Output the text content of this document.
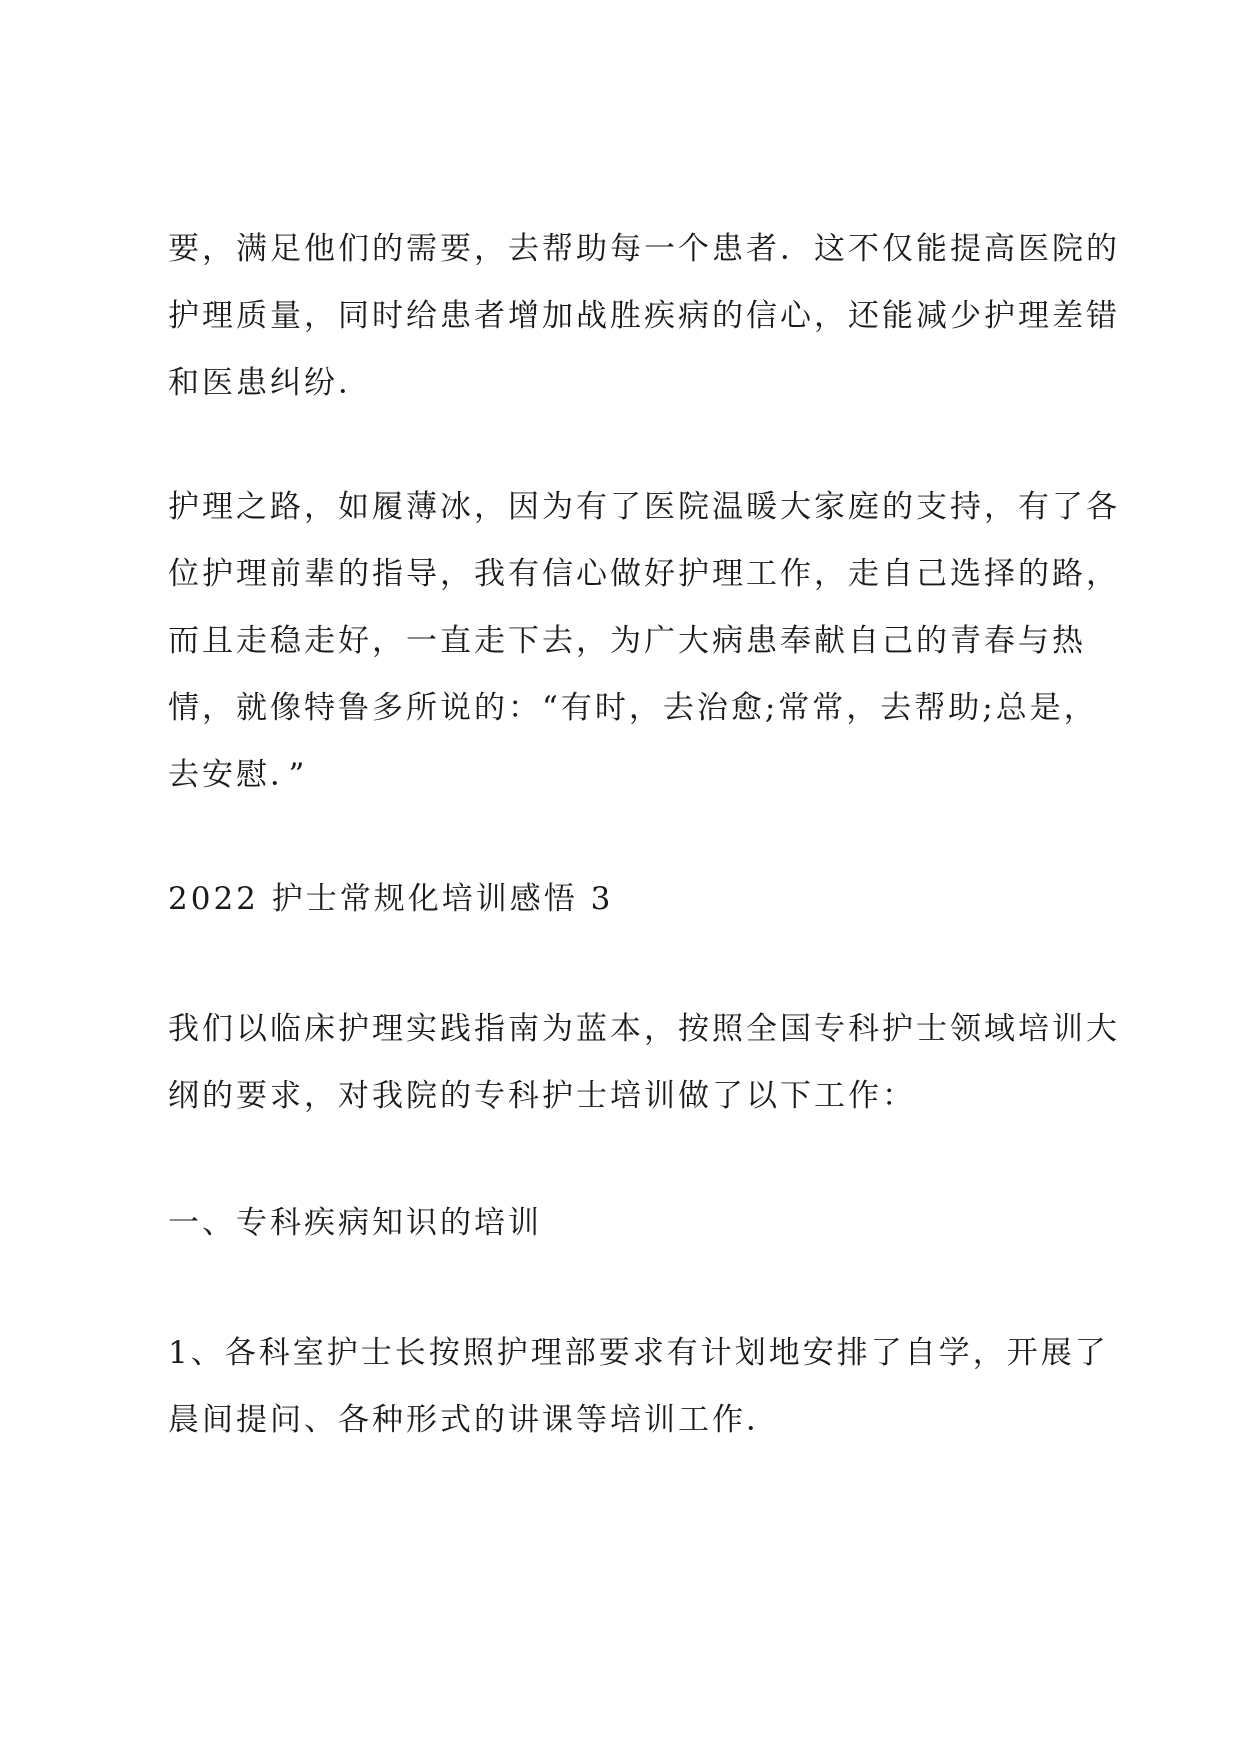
要，满足他们的需要，去帮助每一个患者．这不仅能提高医院的
护理质量，同时给患者增加战胜疾病的信心，还能减少护理差错
和医患纠纷．

护理之路，如履薄冰，因为有了医院温暖大家庭的支持，有了各
位护理前辈的指导，我有信心做好护理工作，走自己选择的路，
而且走稳走好，一直走下去，为广大病患奉献自己的青春与热
情，就像特鲁多所说的：“有时，去治愈;常常，去帮助;总是，
去安慰．”

2022 护士常规化培训感悟 3

我们以临床护理实践指南为蓝本，按照全国专科护士领域培训大
纲的要求，对我院的专科护士培训做了以下工作：

一、专科疾病知识的培训

1、各科室护士长按照护理部要求有计划地安排了自学，开展了
晨间提问、各种形式的讲课等培训工作．
